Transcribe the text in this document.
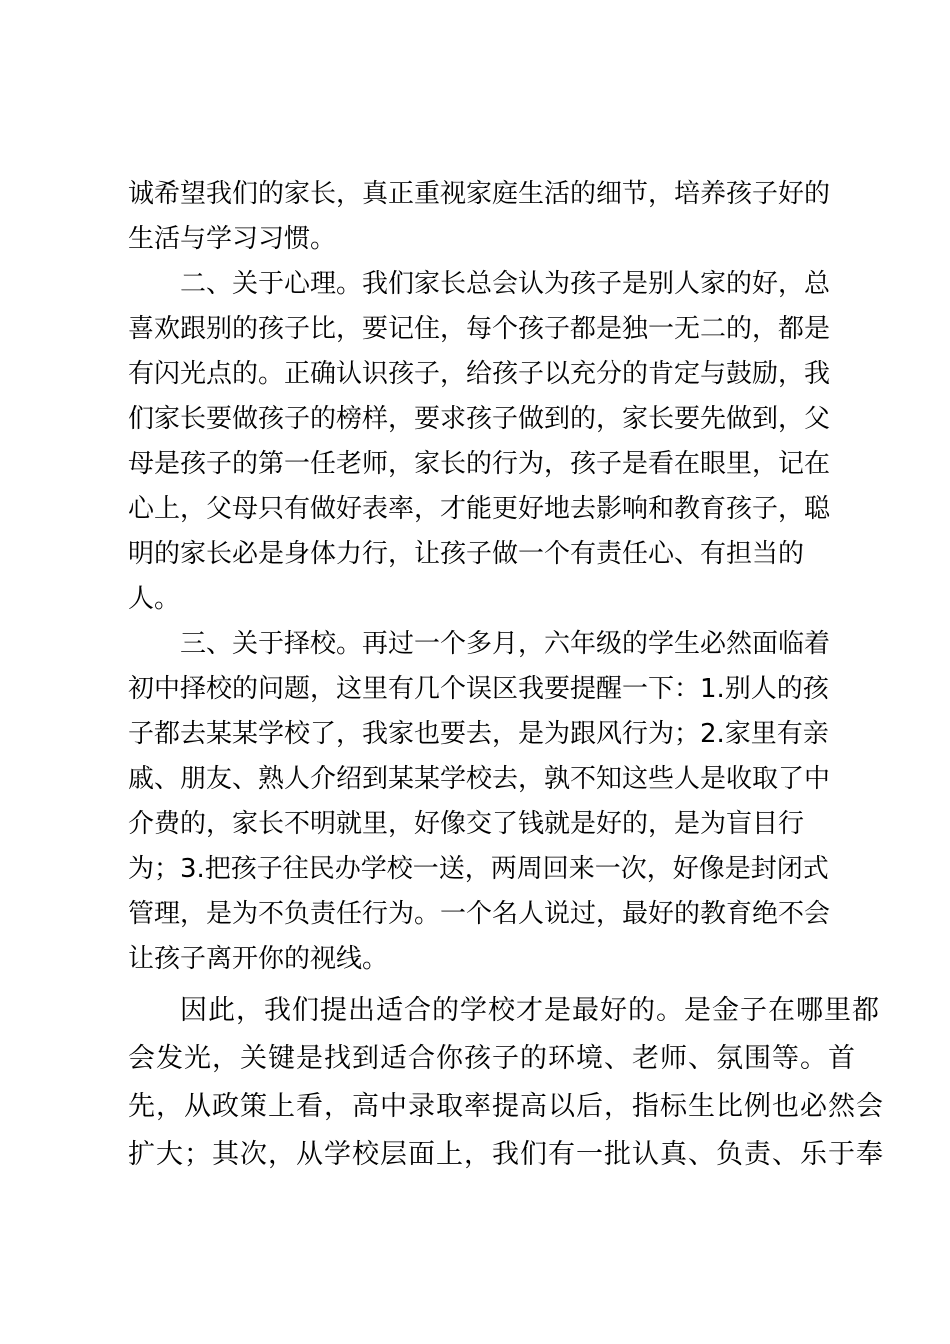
诚希望我们的家长，真正重视家庭生活的细节，培养孩子好的
生活与学习习惯。
二、关于心理。我们家长总会认为孩子是别人家的好，总
喜欢跟别的孩子比，要记住，每个孩子都是独一无二的，都是
有闪光点的。正确认识孩子，给孩子以充分的肯定与鼓励，我
们家长要做孩子的榜样，要求孩子做到的，家长要先做到，父
母是孩子的第一任老师，家长的行为，孩子是看在眼里，记在
心上，父母只有做好表率，才能更好地去影响和教育孩子，聪
明的家长必是身体力行，让孩子做一个有责任心、有担当的
人。
三、关于择校。再过一个多月，六年级的学生必然面临着
初中择校的问题，这里有几个误区我要提醒一下：1.别人的孩
子都去某某学校了，我家也要去，是为跟风行为；2.家里有亲
戚、朋友、熟人介绍到某某学校去，孰不知这些人是收取了中
介费的，家长不明就里，好像交了钱就是好的，是为盲目行
为；3.把孩子往民办学校一送，两周回来一次，好像是封闭式
管理，是为不负责任行为。一个名人说过，最好的教育绝不会
让孩子离开你的视线。
因此，我们提出适合的学校才是最好的。是金子在哪里都
会发光，关键是找到适合你孩子的环境、老师、氛围等。首
先，从政策上看，高中录取率提高以后，指标生比例也必然会
扩大；其次，从学校层面上，我们有一批认真、负责、乐于奉
